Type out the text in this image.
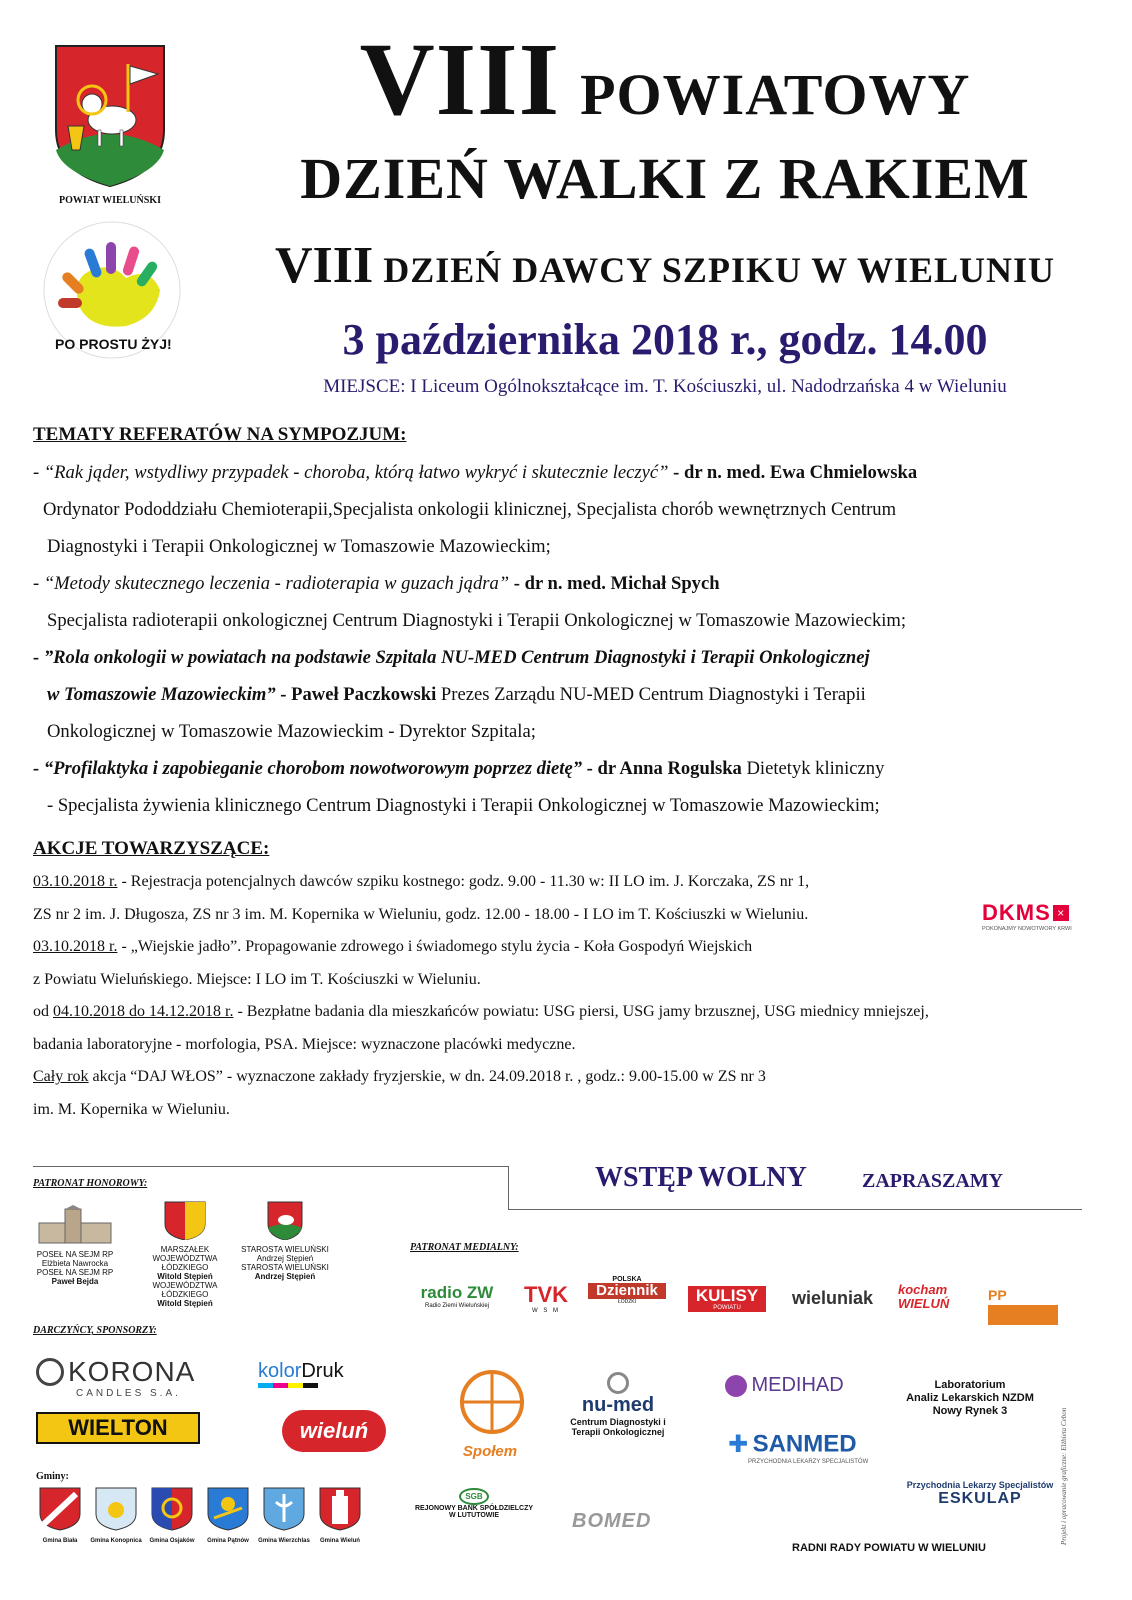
POWIAT WIELUŃSKI
PO PROSTU ŻYJ!
VIII POWIATOWY
DZIEŃ WALKI Z RAKIEM
VIII DZIEŃ DAWCY SZPIKU W WIELUNIU
3 października 2018 r., godz. 14.00
MIEJSCE: I Liceum Ogólnokształcące im. T. Kościuszki, ul. Nadodrzańska 4 w Wieluniu
TEMATY REFERATÓW NA SYMPOZJUM:

- “Rak jąder, wstydliwy przypadek - choroba, którą łatwo wykryć i skutecznie leczyć” - dr n. med. Ewa Chmielowska

Ordynator Pododdziału Chemioterapii,Specjalista onkologii klinicznej, Specjalista chorób wewnętrznych Centrum

Diagnostyki i Terapii Onkologicznej w Tomaszowie Mazowieckim;

- “Metody skutecznego leczenia - radioterapia w guzach jądra” - dr n. med. Michał Spych

Specjalista radioterapii onkologicznej Centrum Diagnostyki i Terapii Onkologicznej w Tomaszowie Mazowieckim;

- ”Rola onkologii w powiatach na podstawie Szpitala NU-MED Centrum Diagnostyki i Terapii Onkologicznej

w Tomaszowie Mazowieckim” - Paweł Paczkowski Prezes Zarządu NU-MED Centrum Diagnostyki i Terapii

Onkologicznej w Tomaszowie Mazowieckim - Dyrektor Szpitala;

- “Profilaktyka i zapobieganie chorobom nowotworowym poprzez dietę” - dr Anna Rogulska Dietetyk kliniczny

- Specjalista żywienia klinicznego Centrum Diagnostyki i Terapii Onkologicznej w Tomaszowie Mazowieckim;

AKCJE TOWARZYSZĄCE:

03.10.2018 r. - Rejestracja potencjalnych dawców szpiku kostnego: godz. 9.00 - 11.30 w: II LO im. J. Korczaka, ZS nr 1,

ZS nr 2 im. J. Długosza, ZS nr 3 im. M. Kopernika w Wieluniu, godz. 12.00 - 18.00 - I LO im T. Kościuszki w Wieluniu.

03.10.2018 r. - „Wiejskie jadło”. Propagowanie zdrowego i świadomego stylu życia - Koła Gospodyń Wiejskich

z Powiatu Wieluńskiego. Miejsce: I LO im T. Kościuszki w Wieluniu.

od 04.10.2018 do 14.12.2018 r. - Bezpłatne badania dla mieszkańców powiatu: USG piersi, USG jamy brzusznej, USG miednicy mniejszej,

badania laboratoryjne - morfologia, PSA. Miejsce: wyznaczone placówki medyczne.

Cały rok akcja “DAJ WŁOS” - wyznaczone zakłady fryzjerskie, w dn. 24.09.2018 r. , godz.: 9.00-15.00 w ZS nr 3

im. M. Kopernika w Wieluniu.

DKMS ×
POKONAJMY NOWOTWORY KRWI
WSTĘP WOLNY	ZAPRASZAMY
PATRONAT HONOROWY:
POSEŁ NA SEJM RP
Elżbieta Nawrocka
POSEŁ NA SEJM RP
Paweł Bejda
MARSZAŁEK
WOJEWÓDZTWA ŁÓDZKIEGO
Witold Stępień
WOJEWÓDZTWA ŁÓDZKIEGO
Witold Stępień
STAROSTA WIELUŃSKI
Andrzej Stępień
STAROSTA WIELUŃSKI
Andrzej Stępień
PATRONAT MEDIALNY:
radio ZW
Radio Ziemi Wieluńskiej	TVK
W S M
POLSKA
Dziennik
ŁÓDZKI	KULISY
POWIATU	wieluniak kocham WIELUŃ
PP
DARCZYŃCY, SPONSORZY:
KORONA
CANDLES S.A.
WIELTON
kolorDruk
wieluń
Społem
nu-med
Centrum Diagnostyki i Terapii Onkologicznej
MEDIHAD
✚ SANMED
PRZYCHODNIA LEKARZY SPECJALISTÓW
Laboratorium
Analiz Lekarskich NZDM
Nowy Rynek 3
Przychodnia Lekarzy Specjalistów
ESKULAP
SGB
REJONOWY BANK SPÓŁDZIELCZY
W LUTUTOWIE	BOMED
Gminy:
Gmina Biała	Gmina Konopnica	Gmina Osjaków	Gmina Pątnów	Gmina Wierzchlas	Gmina Wieluń
RADNI RADY POWIATU W WIELUNIU
Projekt i opracowanie graficzne: Elżbieta Cebon
